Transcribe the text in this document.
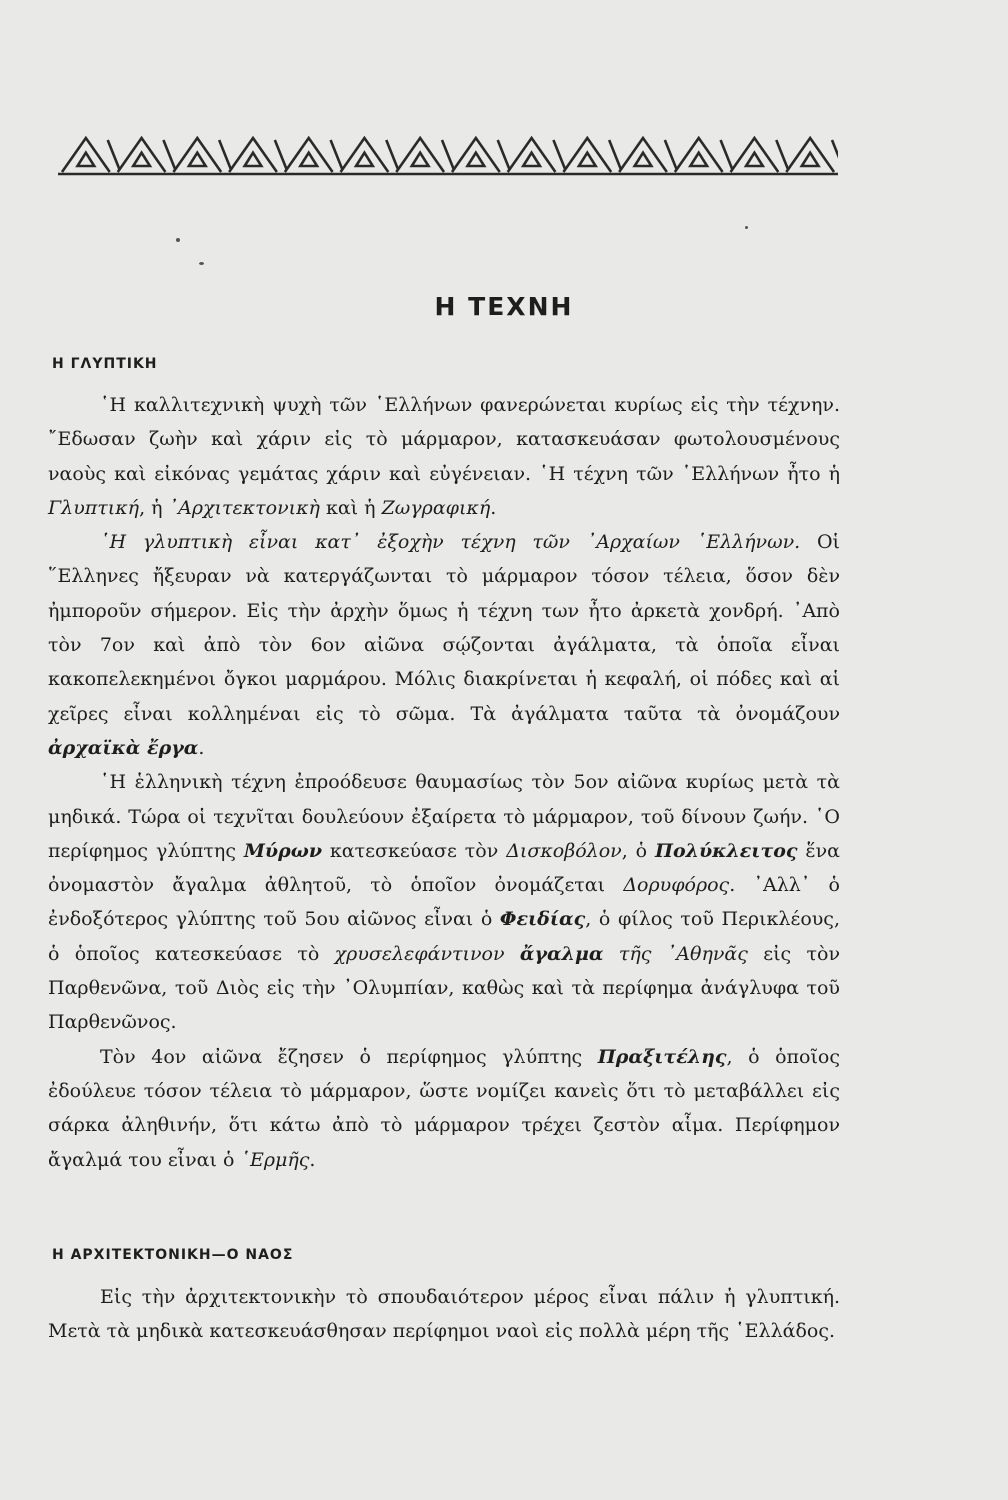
Η ΤΕΧΝΗ
Η ΓΛΥΠΤΙΚΗ

῾Η καλλιτεχνικὴ ψυχὴ τῶν ῾Ελλήνων φανερώνεται κυρίως εἰς τὴν τέχνην. ῎Εδωσαν ζωὴν καὶ χάριν εἰς τὸ μάρμαρον, κατασκευάσαν φωτολουσμένους ναοὺς καὶ εἰκόνας γεμάτας χάριν καὶ εὐγένειαν. ῾Η τέχνη τῶν ῾Ελλήνων ἦτο ἡ Γλυπτική, ἡ ᾿Αρχιτεκτονικὴ καὶ ἡ Ζωγραφική.

῾Η γλυπτικὴ εἶναι κατ᾿ ἐξοχὴν τέχνη τῶν ᾿Αρχαίων ῾Ελλήνων. Οἱ ῞Ελληνες ἤξευραν νὰ κατεργάζωνται τὸ μάρμαρον τόσον τέλεια, ὅσον δὲν ἠμποροῦν σήμερον. Εἰς τὴν ἀρχὴν ὅμως ἡ τέχνη των ἦτο ἀρκετὰ χονδρή. ᾿Απὸ τὸν 7ον καὶ ἀπὸ τὸν 6ον αἰῶνα σῴζονται ἀγάλματα, τὰ ὁποῖα εἶναι κακοπελεκημένοι ὄγκοι μαρμάρου. Μόλις διακρίνεται ἡ κεφαλή, οἱ πόδες καὶ αἱ χεῖρες εἶναι κολλημέναι εἰς τὸ σῶμα. Τὰ ἀγάλματα ταῦτα τὰ ὀνομάζουν ἀρχαϊκὰ ἔργα.

῾Η ἑλληνικὴ τέχνη ἐπροόδευσε θαυμασίως τὸν 5ον αἰῶνα κυρίως μετὰ τὰ μηδικά. Τώρα οἱ τεχνῖται δουλεύουν ἐξαίρετα τὸ μάρμαρον, τοῦ δίνουν ζωήν. ῾Ο περίφημος γλύπτης Μύρων κατεσκεύασε τὸν Δισκοβόλον, ὁ Πολύκλειτος ἕνα ὀνομαστὸν ἄγαλμα ἀθλητοῦ, τὸ ὁποῖον ὀνομάζεται Δορυφόρος. ᾿Αλλ᾿ ὁ ἐνδοξότερος γλύπτης τοῦ 5ου αἰῶνος εἶναι ὁ Φειδίας, ὁ φίλος τοῦ Περικλέους, ὁ ὁποῖος κατεσκεύασε τὸ χρυσελεφάντινον ἄγαλμα τῆς ᾿Αθηνᾶς εἰς τὸν Παρθενῶνα, τοῦ Διὸς εἰς τὴν ᾿Ολυμπίαν, καθὼς καὶ τὰ περίφημα ἀνάγλυφα τοῦ Παρθενῶνος.

Τὸν 4ον αἰῶνα ἔζησεν ὁ περίφημος γλύπτης Πραξιτέλης, ὁ ὁποῖος ἐδούλευε τόσον τέλεια τὸ μάρμαρον, ὥστε νομίζει κανεὶς ὅτι τὸ μεταβάλλει εἰς σάρκα ἀληθινήν, ὅτι κάτω ἀπὸ τὸ μάρμαρον τρέχει ζεστὸν αἷμα. Περίφημον ἄγαλμά του εἶναι ὁ ῾Ερμῆς.

Η ΑΡΧΙΤΕΚΤΟΝΙΚΗ—Ο ΝΑΟΣ

Εἰς τὴν ἀρχιτεκτονικὴν τὸ σπουδαιότερον μέρος εἶναι πάλιν ἡ γλυπτική. Μετὰ τὰ μηδικὰ κατεσκευάσθησαν περίφημοι ναοὶ εἰς πολλὰ μέρη τῆς ῾Ελλάδος.
